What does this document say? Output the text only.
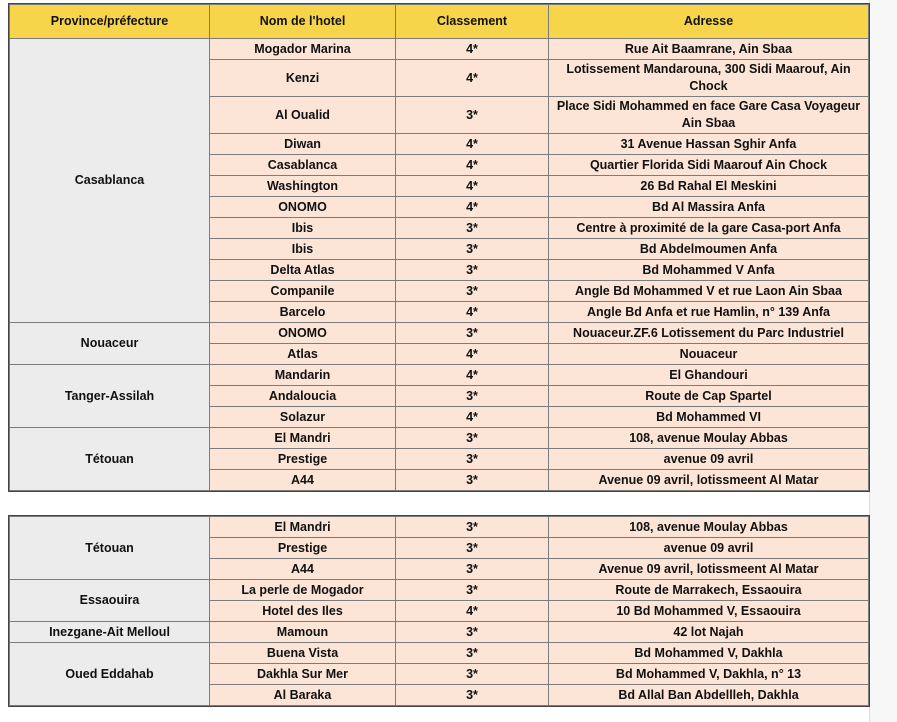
Province/préfecture	Nom de l'hotel	Classement	Adresse
Casablanca	Mogador Marina	4*	Rue Ait Baamrane, Ain Sbaa
	Kenzi	4*	Lotissement Mandarouna, 300 Sidi Maarouf, Ain Chock
	Al Oualid	3*	Place Sidi Mohammed en face Gare Casa Voyageur Ain Sbaa
	Diwan	4*	31 Avenue Hassan Sghir Anfa
	Casablanca	4*	Quartier Florida Sidi Maarouf Ain Chock
	Washington	4*	26 Bd Rahal El Meskini
	ONOMO	4*	Bd Al Massira Anfa
	Ibis	3*	Centre à proximité de la gare Casa-port Anfa
	Ibis	3*	Bd Abdelmoumen Anfa
	Delta Atlas	3*	Bd Mohammed V Anfa
	Companile	3*	Angle Bd Mohammed V et rue Laon Ain Sbaa
	Barcelo	4*	Angle Bd Anfa et rue Hamlin, n° 139 Anfa
Nouaceur	ONOMO	3*	Nouaceur.ZF.6 Lotissement du Parc Industriel
	Atlas	4*	Nouaceur
Tanger-Assilah	Mandarin	4*	El Ghandouri
	Andaloucia	3*	Route de Cap Spartel
	Solazur	4*	Bd Mohammed VI
Tétouan	El Mandri	3*	108, avenue Moulay Abbas
	Prestige	3*	avenue 09 avril
	A44	3*	Avenue 09 avril, lotissmeent Al Matar
Tétouan	El Mandri	3*	108, avenue Moulay Abbas
	Prestige	3*	avenue 09 avril
	A44	3*	Avenue 09 avril, lotissmeent Al Matar
Essaouira	La perle de Mogador	3*	Route de Marrakech, Essaouira
	Hotel des Iles	4*	10 Bd Mohammed V, Essaouira
Inezgane-Ait Melloul	Mamoun	3*	42 lot Najah
Oued Eddahab	Buena Vista	3*	Bd Mohammed V, Dakhla
	Dakhla Sur Mer	3*	Bd Mohammed V, Dakhla, n° 13
	Al Baraka	3*	Bd Allal Ban Abdellleh, Dakhla
